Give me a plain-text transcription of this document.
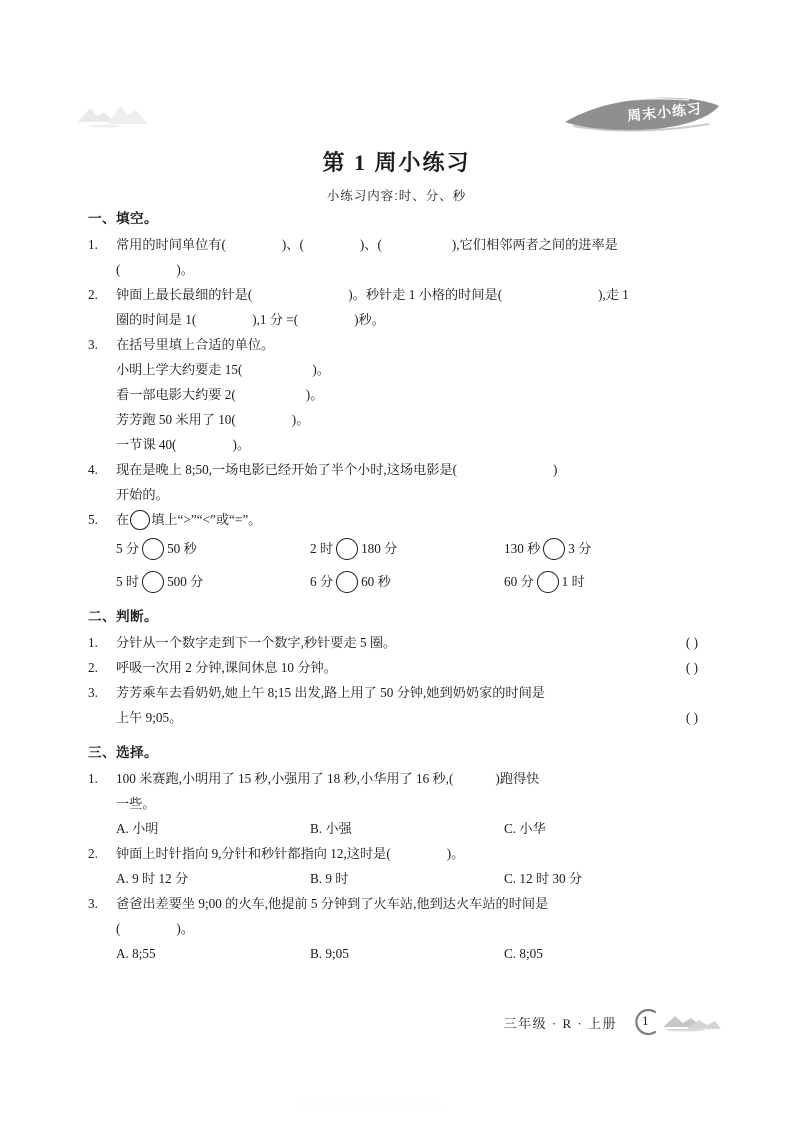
周末小练习
第 1 周小练习
小练习内容:时、分、秒
一、填空。
1.	常用的时间单位有(	)、(	)、(	),它们相邻两者之间的进率是
(	)。
2.	钟面上最长最细的针是(	)。秒针走 1 小格的时间是(	),走 1
圈的时间是 1(	),1 分 =(	)秒。
3.	在括号里填上合适的单位。
小明上学大约要走 15(	)。
看一部电影大约要 2(	)。
芳芳跑 50 米用了 10(	)。
一节课 40(	)。
4.	现在是晚上 8;50,一场电影已经开始了半个小时,这场电影是(	)
开始的。
5.	在 填上“>”“<”或“=”。
5 分 50 秒	2 时 180 分	130 秒 3 分
5 时 500 分	6 分 60 秒	60 分 1 时
二、判断。
1.	分针从一个数字走到下一个数字,秒针要走 5 圈。	( )
2.	呼吸一次用 2 分钟,课间休息 10 分钟。	( )
3.	芳芳乘车去看奶奶,她上午 8;15 出发,路上用了 50 分钟,她到奶奶家的时间是
上午 9;05。	( )
三、选择。
1.	100 米赛跑,小明用了 15 秒,小强用了 18 秒,小华用了 16 秒,(	)跑得快
一些。
A. 小明	B. 小强	C. 小华
2.	钟面上时针指向 9,分针和秒针都指向 12,这时是(	)。
A. 9 时 12 分	B. 9 时	C. 12 时 30 分
3.	爸爸出差要坐 9;00 的火车,他提前 5 分钟到了火车站,他到达火车站的时间是
(	)。
A. 8;55	B. 9;05	C. 8;05
三年级 · R · 上册 1
网络资源仅供学习交流使用
